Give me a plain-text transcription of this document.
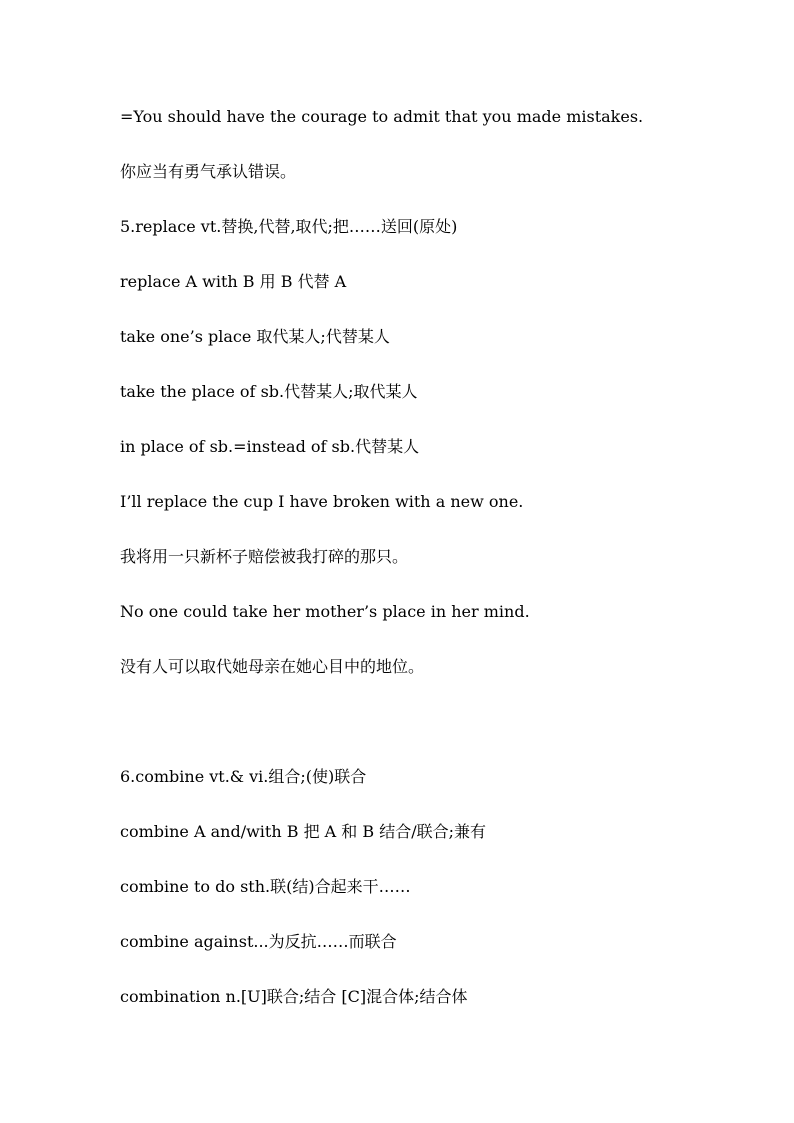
=You should have the courage to admit that you made mistakes.
你应当有勇气承认错误。
5.replace vt.替换,代替,取代;把……送回(原处)
replace A with B 用 B 代替 A
take one’s place 取代某人;代替某人
take the place of sb.代替某人;取代某人
in place of sb.=instead of sb.代替某人
I’ll replace the cup I have broken with a new one.
我将用一只新杯子赔偿被我打碎的那只。
No one could take her mother’s place in her mind.
没有人可以取代她母亲在她心目中的地位。
6.combine vt.& vi.组合;(使)联合
combine A and/with B 把 A 和 B 结合/联合;兼有
combine to do sth.联(结)合起来干……
combine against...为反抗……而联合
combination n.[U]联合;结合 [C]混合体;结合体
